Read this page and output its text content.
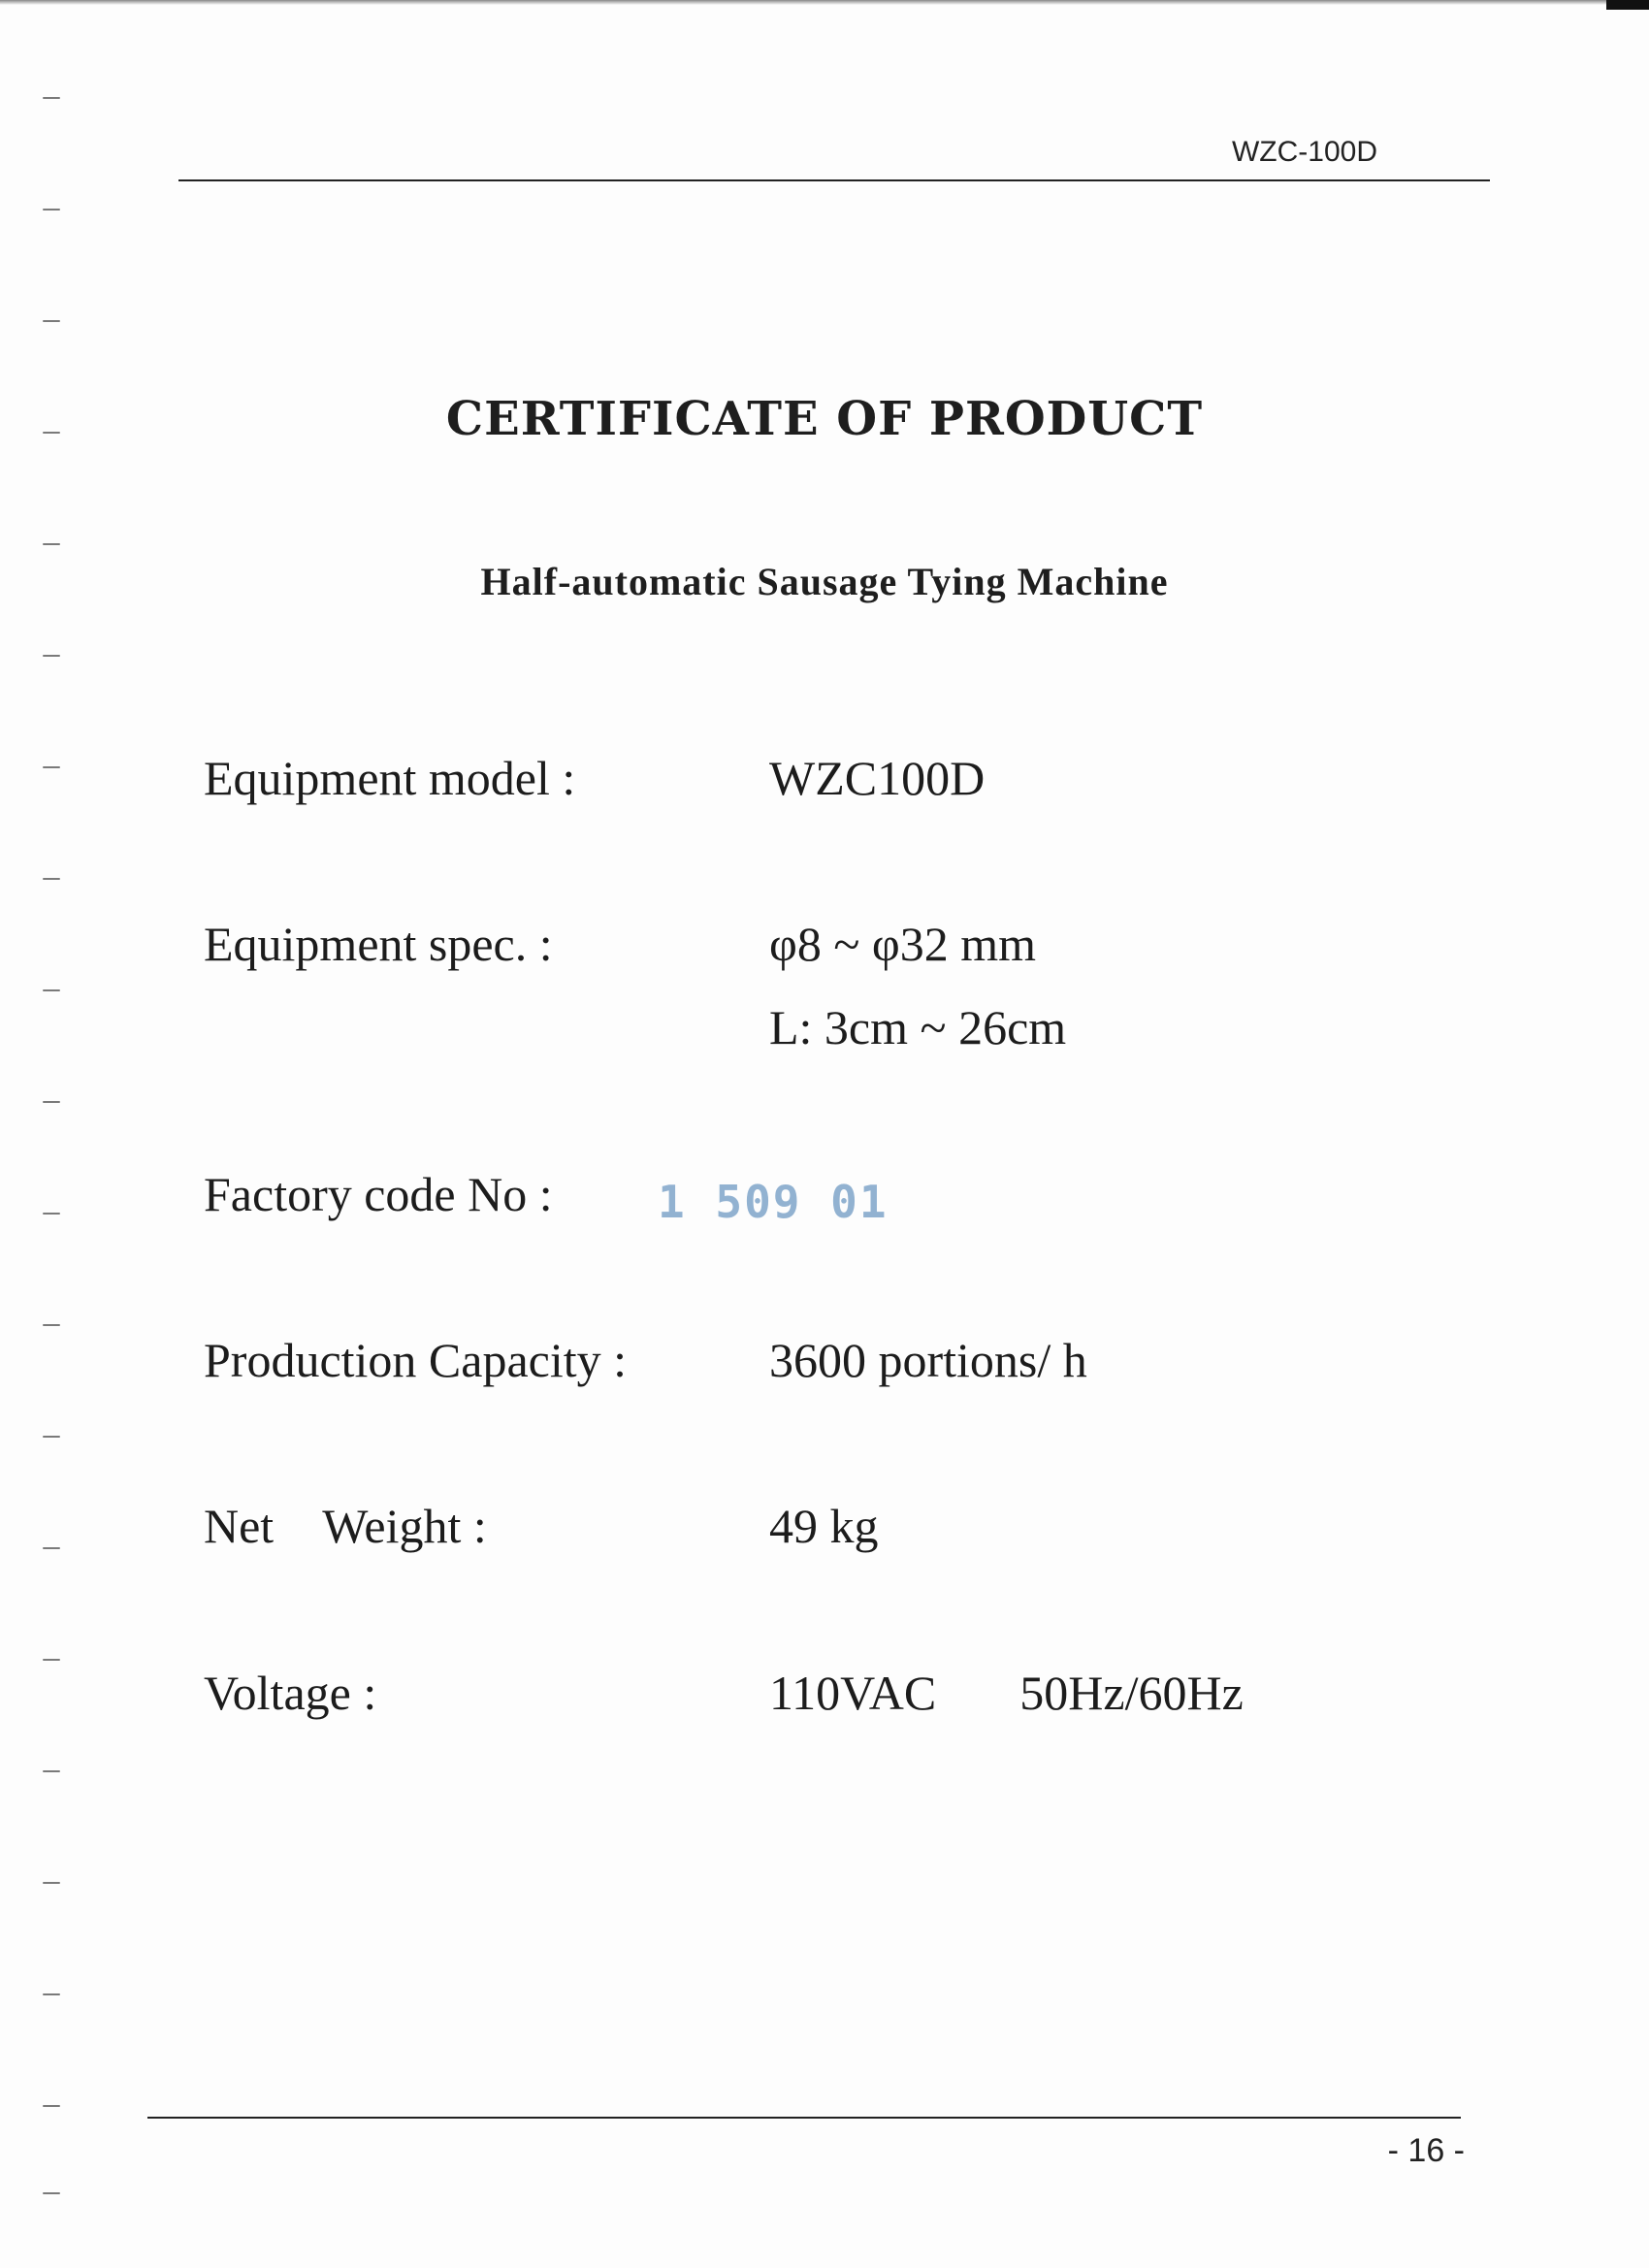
WZC-100D
CERTIFICATE OF PRODUCT
Half-automatic Sausage Tying Machine
Equipment model :	WZC100D
Equipment spec. :	φ8 ~ φ32 mm
L: 3cm ~ 26cm
Factory code No : 1 509 01
Production Capacity :	3600 portions/ h
Net    Weight :	49 kg
Voltage :	110VAC 50Hz/60Hz
- 16 -
